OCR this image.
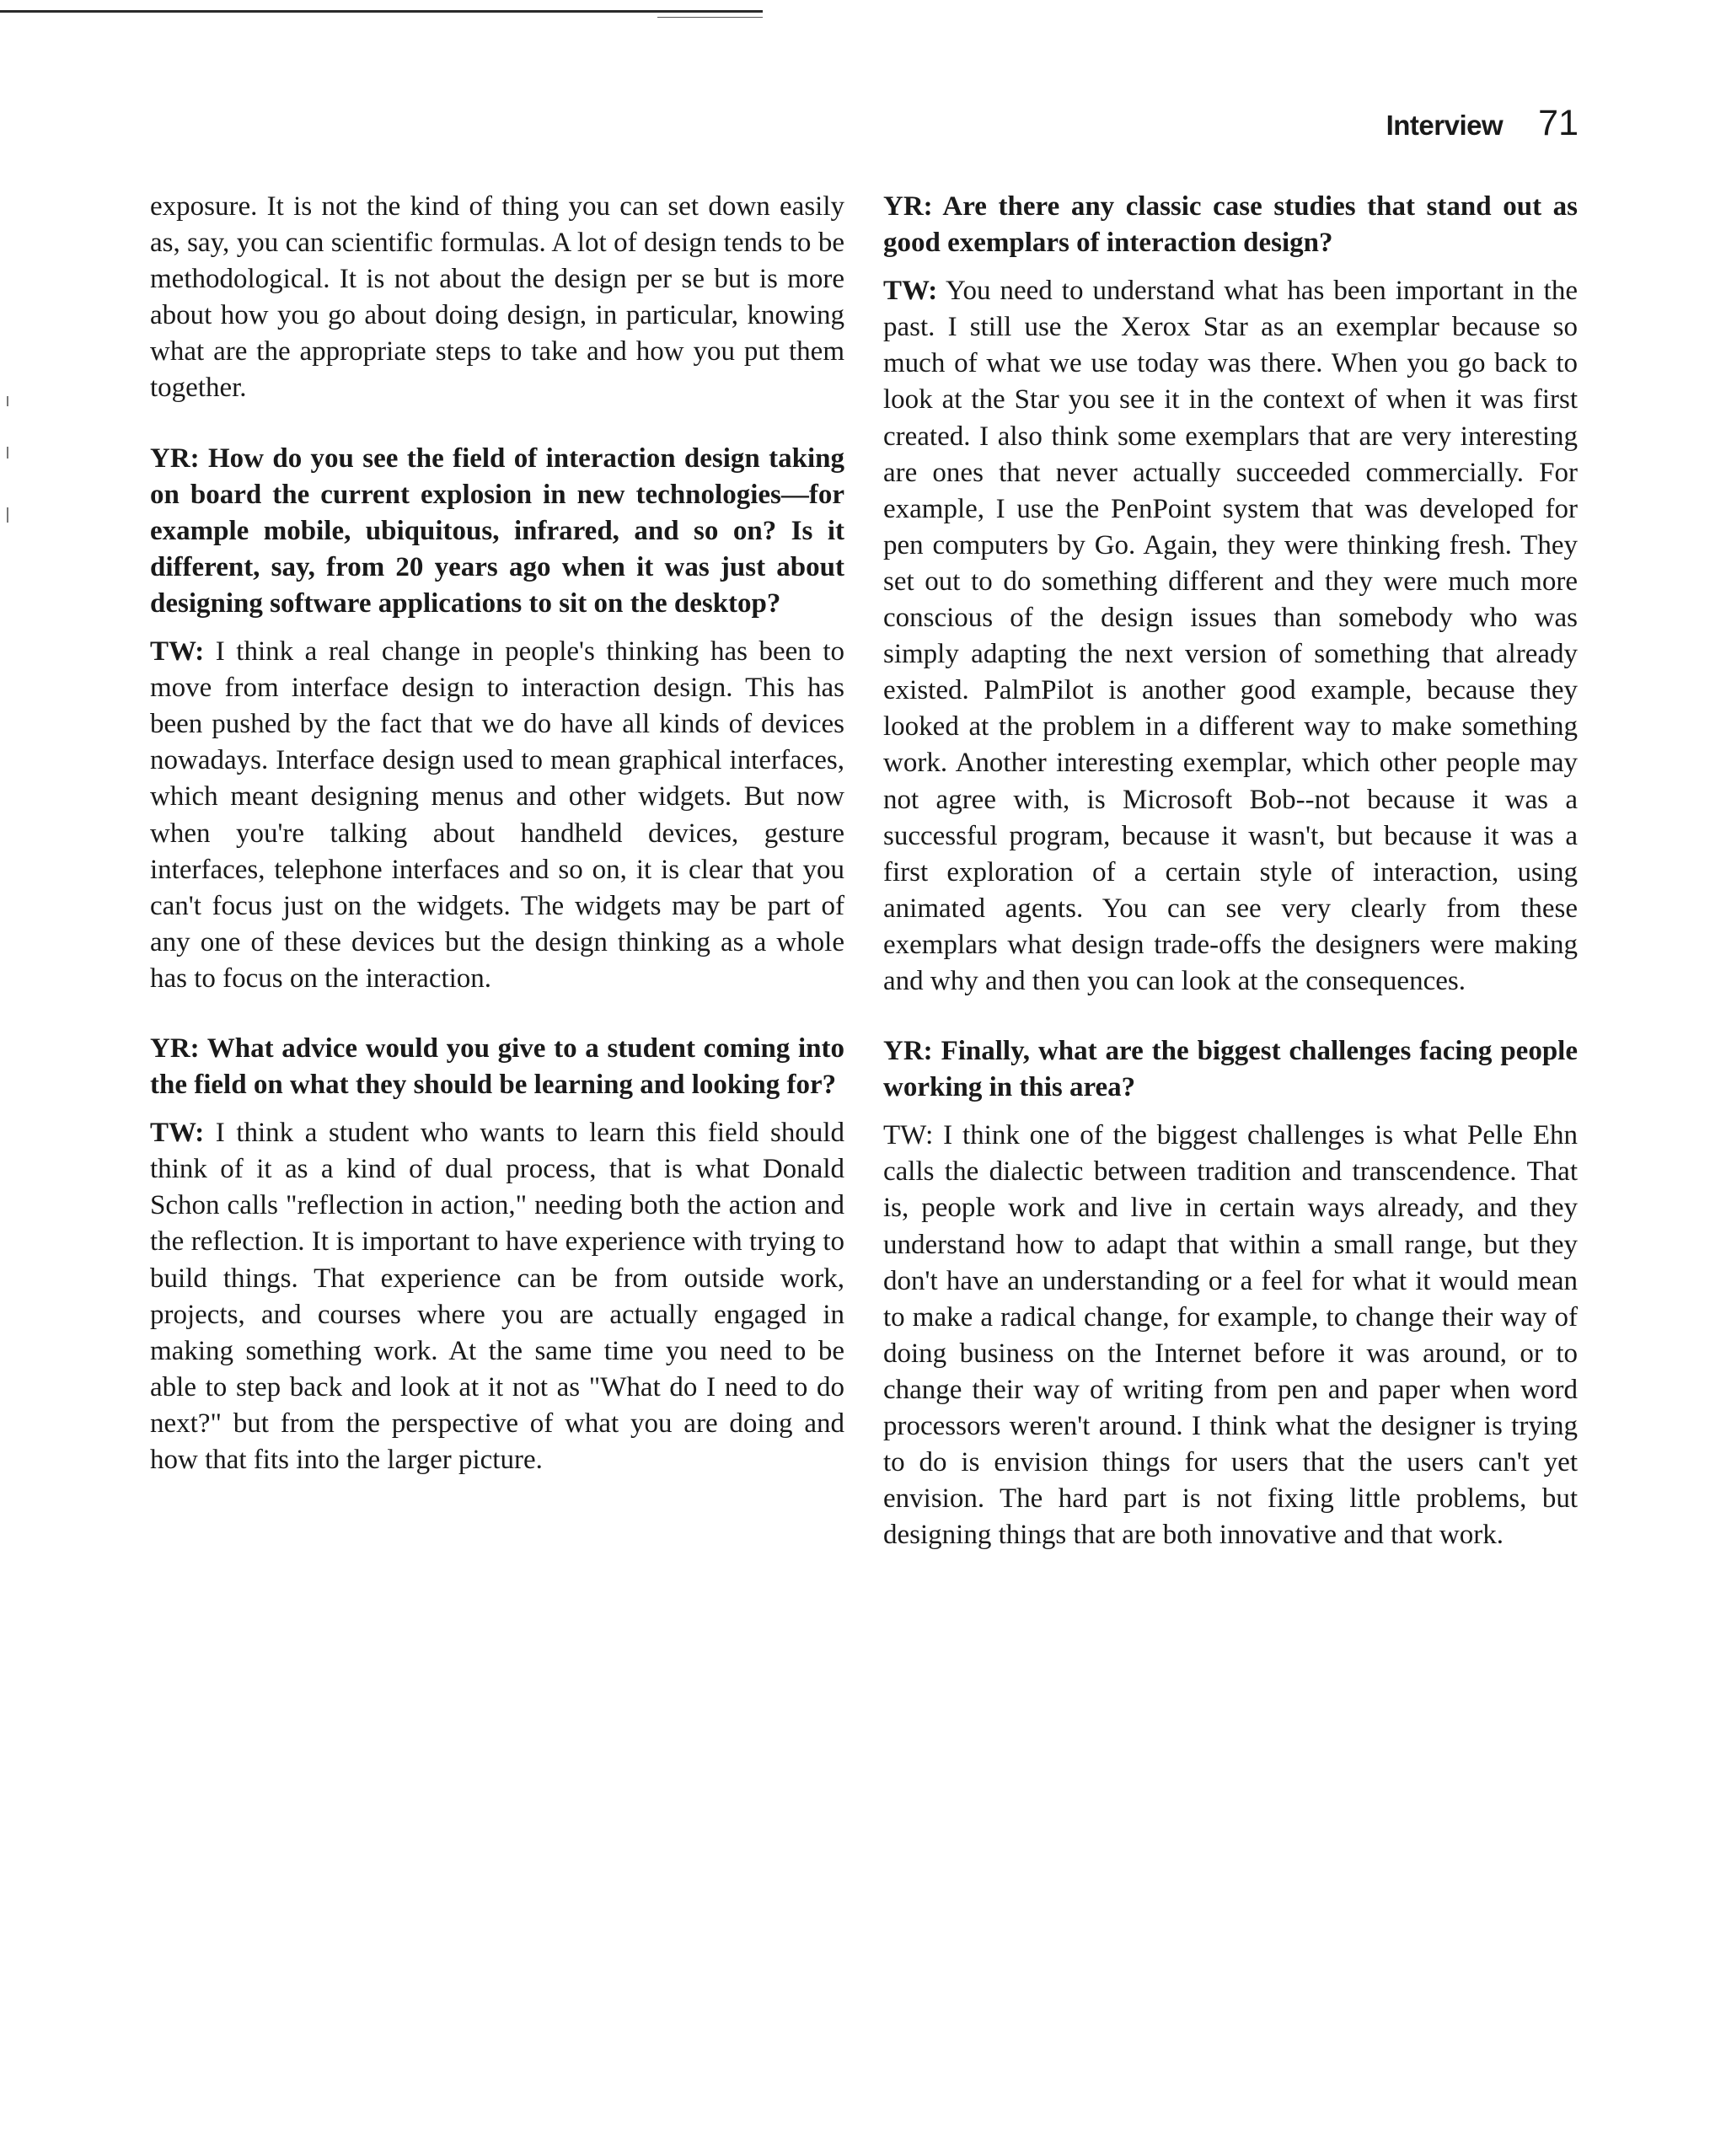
Interview 71

exposure. It is not the kind of thing you can set down easily as, say, you can scientific formulas. A lot of design tends to be methodological. It is not about the design per se but is more about how you go about doing design, in particular, knowing what are the appropriate steps to take and how you put them together.

YR: How do you see the field of interaction design taking on board the current explosion in new technologies—for example mobile, ubiquitous, infrared, and so on? Is it different, say, from 20 years ago when it was just about designing software applications to sit on the desktop?

TW: I think a real change in people's thinking has been to move from interface design to interaction design. This has been pushed by the fact that we do have all kinds of devices nowadays. Interface design used to mean graphical interfaces, which meant designing menus and other widgets. But now when you're talking about handheld devices, gesture interfaces, telephone interfaces and so on, it is clear that you can't focus just on the widgets. The widgets may be part of any one of these devices but the design thinking as a whole has to focus on the interaction.

YR: What advice would you give to a student coming into the field on what they should be learning and looking for?

TW: I think a student who wants to learn this field should think of it as a kind of dual process, that is what Donald Schon calls "reflection in action," needing both the action and the reflection. It is important to have experience with trying to build things. That experience can be from outside work, projects, and courses where you are actually engaged in making something work. At the same time you need to be able to step back and look at it not as "What do I need to do next?" but from the perspective of what you are doing and how that fits into the larger picture.

YR: Are there any classic case studies that stand out as good exemplars of interaction design?

TW: You need to understand what has been important in the past. I still use the Xerox Star as an exemplar because so much of what we use today was there. When you go back to look at the Star you see it in the context of when it was first created. I also think some exemplars that are very interesting are ones that never actually succeeded commercially. For example, I use the PenPoint system that was developed for pen computers by Go. Again, they were thinking fresh. They set out to do something different and they were much more conscious of the design issues than somebody who was simply adapting the next version of something that already existed. PalmPilot is another good example, because they looked at the problem in a different way to make something work. Another interesting exemplar, which other people may not agree with, is Microsoft Bob--not because it was a successful program, because it wasn't, but because it was a first exploration of a certain style of interaction, using animated agents. You can see very clearly from these exemplars what design trade-offs the designers were making and why and then you can look at the consequences.

YR: Finally, what are the biggest challenges facing people working in this area?

TW: I think one of the biggest challenges is what Pelle Ehn calls the dialectic between tradition and transcendence. That is, people work and live in certain ways already, and they understand how to adapt that within a small range, but they don't have an understanding or a feel for what it would mean to make a radical change, for example, to change their way of doing business on the Internet before it was around, or to change their way of writing from pen and paper when word processors weren't around. I think what the designer is trying to do is envision things for users that the users can't yet envision. The hard part is not fixing little problems, but designing things that are both innovative and that work.
